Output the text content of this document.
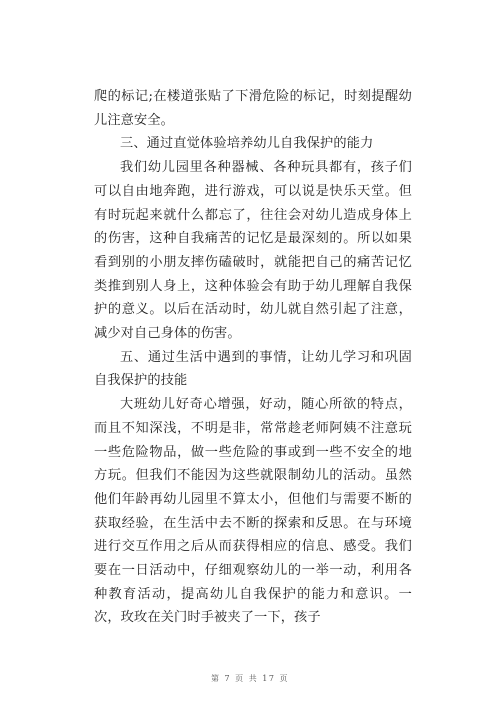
爬的标记;在楼道张贴了下滑危险的标记，时刻提醒幼儿注意安全。

三、通过直觉体验培养幼儿自我保护的能力

我们幼儿园里各种器械、各种玩具都有，孩子们可以自由地奔跑，进行游戏，可以说是快乐天堂。但有时玩起来就什么都忘了，往往会对幼儿造成身体上的伤害，这种自我痛苦的记忆是最深刻的。所以如果看到别的小朋友摔伤磕破时，就能把自己的痛苦记忆类推到别人身上，这种体验会有助于幼儿理解自我保护的意义。以后在活动时，幼儿就自然引起了注意，减少对自己身体的伤害。

五、通过生活中遇到的事情，让幼儿学习和巩固自我保护的技能

大班幼儿好奇心增强，好动，随心所欲的特点，而且不知深浅，不明是非，常常趁老师阿姨不注意玩一些危险物品，做一些危险的事或到一些不安全的地方玩。但我们不能因为这些就限制幼儿的活动。虽然他们年龄再幼儿园里不算太小，但他们与需要不断的获取经验，在生活中去不断的探索和反思。在与环境进行交互作用之后从而获得相应的信息、感受。我们要在一日活动中，仔细观察幼儿的一举一动，利用各种教育活动，提高幼儿自我保护的能力和意识。一次，玫玫在关门时手被夹了一下，孩子

第 7 页 共 17 页
